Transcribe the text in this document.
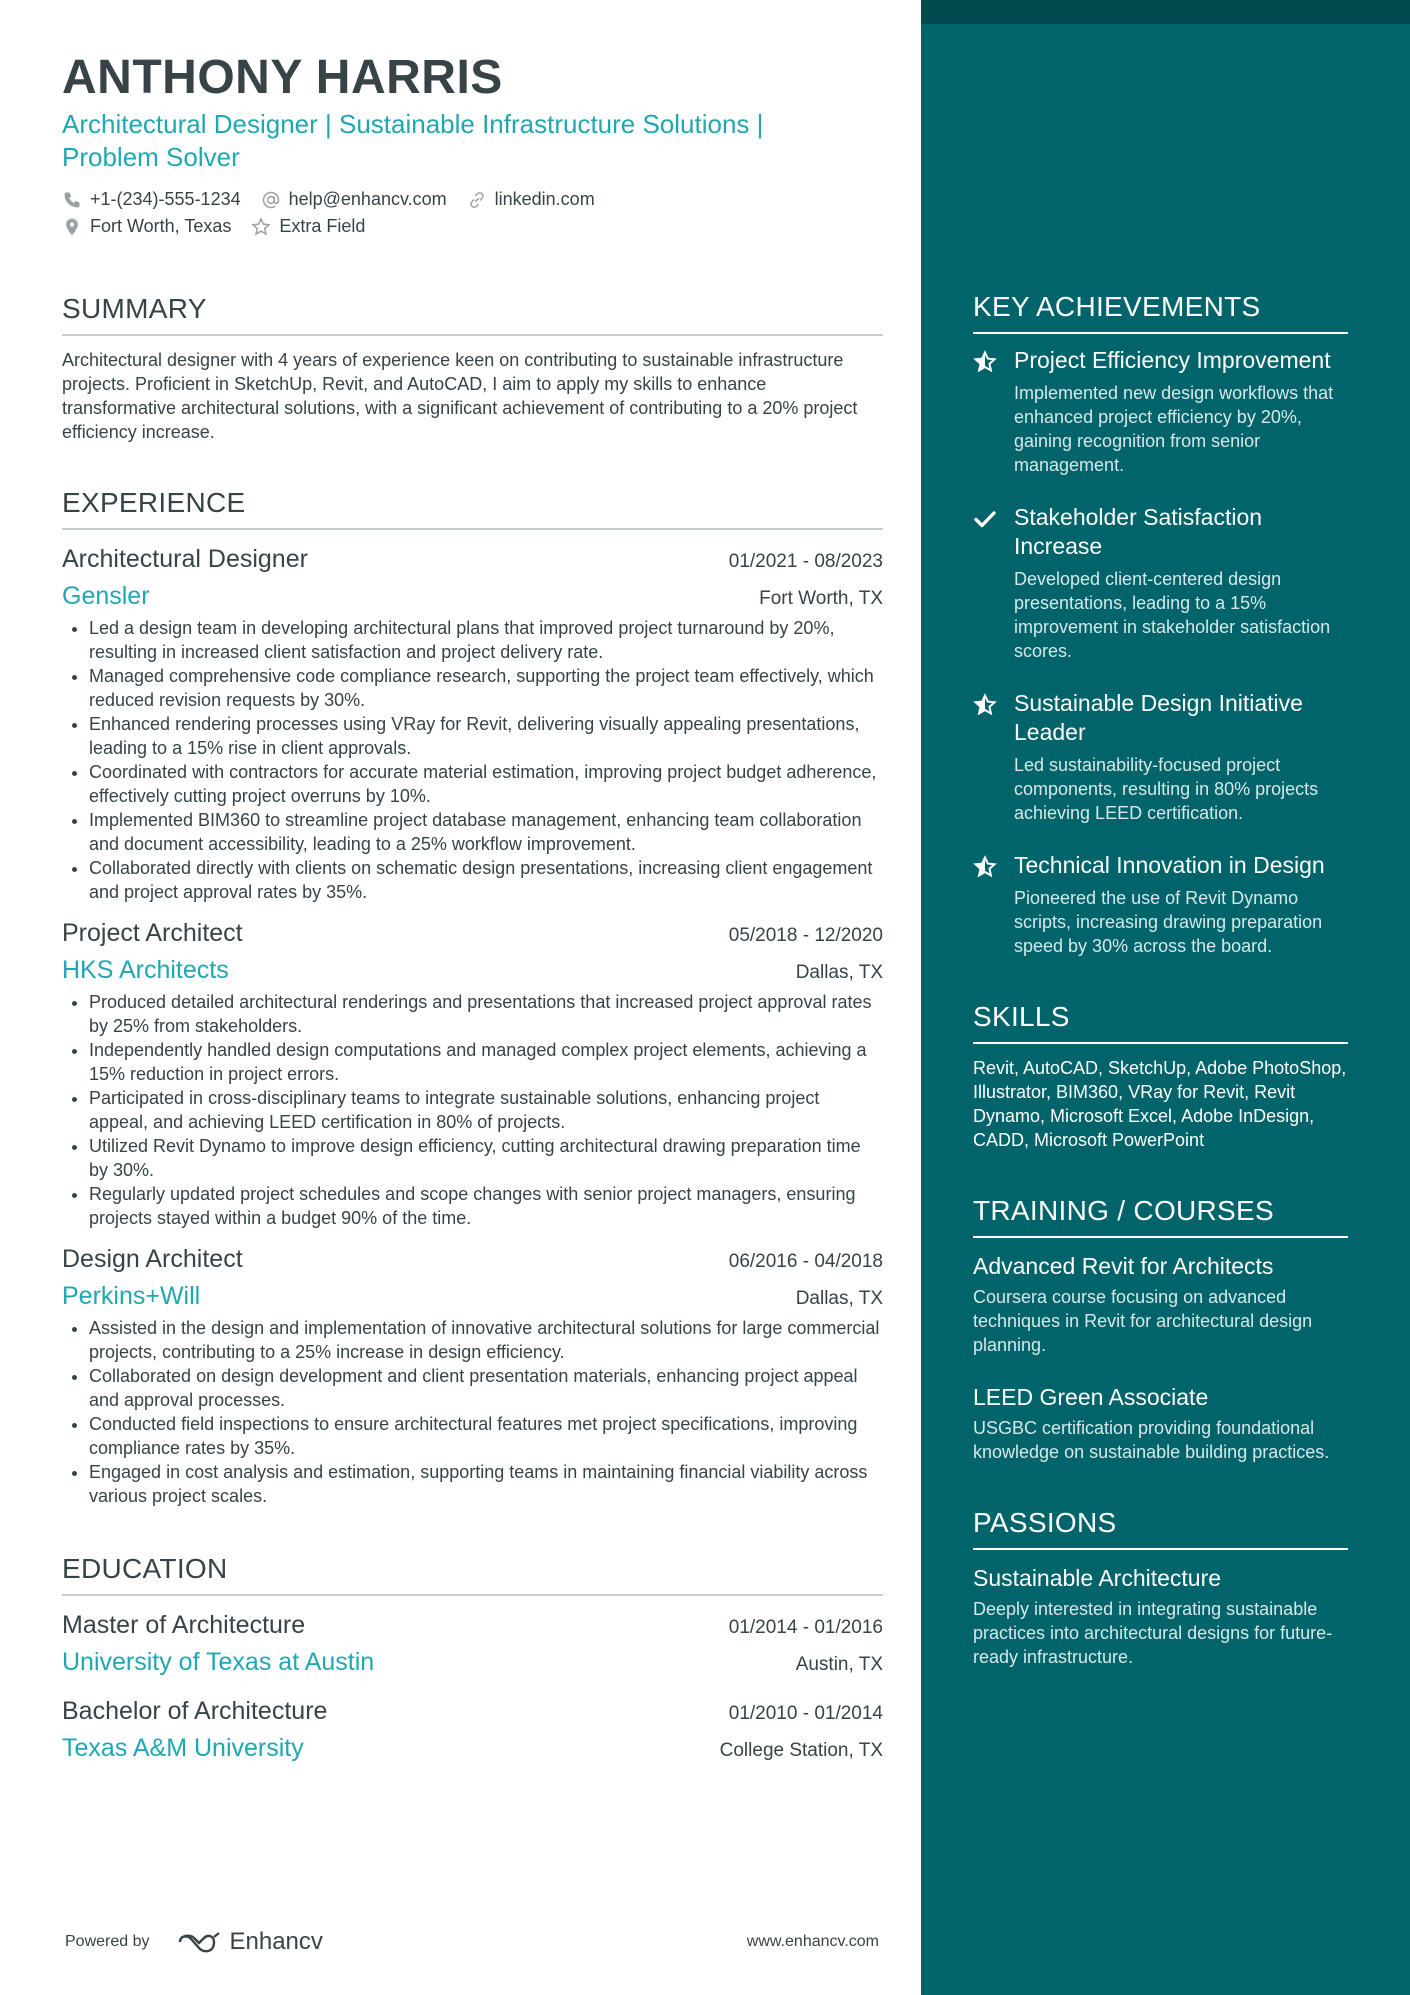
ANTHONY HARRIS
Architectural Designer | Sustainable Infrastructure Solutions | Problem Solver
+1-(234)-555-1234	help@enhancv.com	linkedin.com
Fort Worth, Texas	Extra Field
SUMMARY
Architectural designer with 4 years of experience keen on contributing to sustainable infrastructure projects. Proficient in SketchUp, Revit, and AutoCAD, I aim to apply my skills to enhance transformative architectural solutions, with a significant achievement of contributing to a 20% project efficiency increase.
EXPERIENCE
Architectural Designer	01/2021 - 08/2023
Gensler	Fort Worth, TX
• Led a design team in developing architectural plans that improved project turnaround by 20%, resulting in increased client satisfaction and project delivery rate.
• Managed comprehensive code compliance research, supporting the project team effectively, which reduced revision requests by 30%.
• Enhanced rendering processes using VRay for Revit, delivering visually appealing presentations, leading to a 15% rise in client approvals.
• Coordinated with contractors for accurate material estimation, improving project budget adherence, effectively cutting project overruns by 10%.
• Implemented BIM360 to streamline project database management, enhancing team collaboration and document accessibility, leading to a 25% workflow improvement.
• Collaborated directly with clients on schematic design presentations, increasing client engagement and project approval rates by 35%.
Project Architect	05/2018 - 12/2020
HKS Architects	Dallas, TX
• Produced detailed architectural renderings and presentations that increased project approval rates by 25% from stakeholders.
• Independently handled design computations and managed complex project elements, achieving a 15% reduction in project errors.
• Participated in cross-disciplinary teams to integrate sustainable solutions, enhancing project appeal, and achieving LEED certification in 80% of projects.
• Utilized Revit Dynamo to improve design efficiency, cutting architectural drawing preparation time by 30%.
• Regularly updated project schedules and scope changes with senior project managers, ensuring projects stayed within a budget 90% of the time.
Design Architect	06/2016 - 04/2018
Perkins+Will	Dallas, TX
• Assisted in the design and implementation of innovative architectural solutions for large commercial projects, contributing to a 25% increase in design efficiency.
• Collaborated on design development and client presentation materials, enhancing project appeal and approval processes.
• Conducted field inspections to ensure architectural features met project specifications, improving compliance rates by 35%.
• Engaged in cost analysis and estimation, supporting teams in maintaining financial viability across various project scales.
EDUCATION
Master of Architecture	01/2014 - 01/2016
University of Texas at Austin	Austin, TX
Bachelor of Architecture	01/2010 - 01/2014
Texas A&M University	College Station, TX
Powered by	Enhancv	www.enhancv.com
KEY ACHIEVEMENTS
Project Efficiency Improvement
Implemented new design workflows that enhanced project efficiency by 20%, gaining recognition from senior management.
Stakeholder Satisfaction Increase
Developed client-centered design presentations, leading to a 15% improvement in stakeholder satisfaction scores.
Sustainable Design Initiative Leader
Led sustainability-focused project components, resulting in 80% projects achieving LEED certification.
Technical Innovation in Design
Pioneered the use of Revit Dynamo scripts, increasing drawing preparation speed by 30% across the board.
SKILLS
Revit, AutoCAD, SketchUp, Adobe PhotoShop, Illustrator, BIM360, VRay for Revit, Revit Dynamo, Microsoft Excel, Adobe InDesign, CADD, Microsoft PowerPoint
TRAINING / COURSES
Advanced Revit for Architects
Coursera course focusing on advanced techniques in Revit for architectural design planning.
LEED Green Associate
USGBC certification providing foundational knowledge on sustainable building practices.
PASSIONS
Sustainable Architecture
Deeply interested in integrating sustainable practices into architectural designs for future-ready infrastructure.
